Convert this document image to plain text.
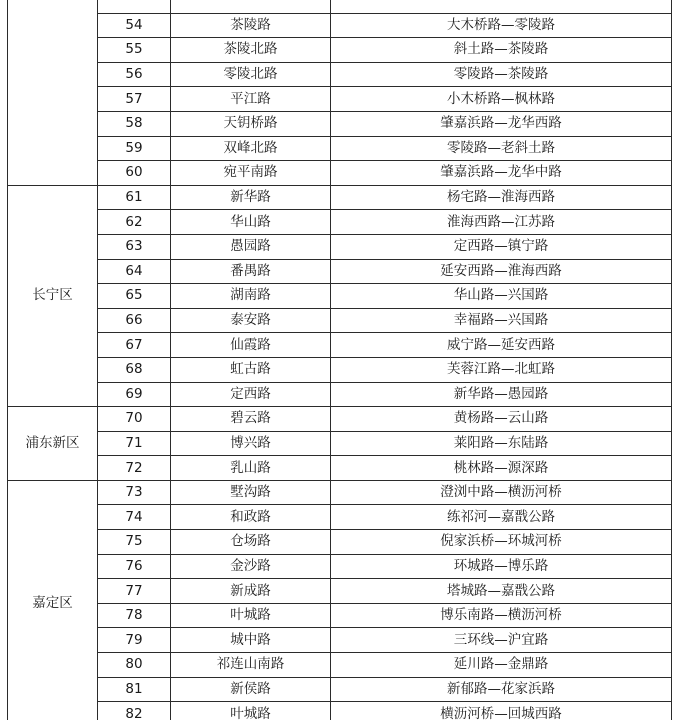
	54	茶陵路	大木桥路—零陵路
	55	茶陵北路	斜土路—茶陵路
	56	零陵北路	零陵路—茶陵路
	57	平江路	小木桥路—枫林路
	58	天钥桥路	肇嘉浜路—龙华西路
	59	双峰北路	零陵路—老斜土路
	60	宛平南路	肇嘉浜路—龙华中路
长宁区	61	新华路	杨宅路—淮海西路
	62	华山路	淮海西路—江苏路
	63	愚园路	定西路—镇宁路
	64	番禺路	延安西路—淮海西路
	65	湖南路	华山路—兴国路
	66	泰安路	幸福路—兴国路
	67	仙霞路	威宁路—延安西路
	68	虹古路	芙蓉江路—北虹路
	69	定西路	新华路—愚园路
浦东新区	70	碧云路	黄杨路—云山路
	71	博兴路	莱阳路—东陆路
	72	乳山路	桃林路—源深路
嘉定区	73	墅沟路	澄浏中路—横沥河桥
	74	和政路	练祁河—嘉戬公路
	75	仓场路	倪家浜桥—环城河桥
	76	金沙路	环城路—博乐路
	77	新成路	塔城路—嘉戬公路
	78	叶城路	博乐南路—横沥河桥
	79	城中路	三环线—沪宜路
	80	祁连山南路	延川路—金鼎路
	81	新侯路	新郁路—花家浜路
	82	叶城路	横沥河桥—回城西路
